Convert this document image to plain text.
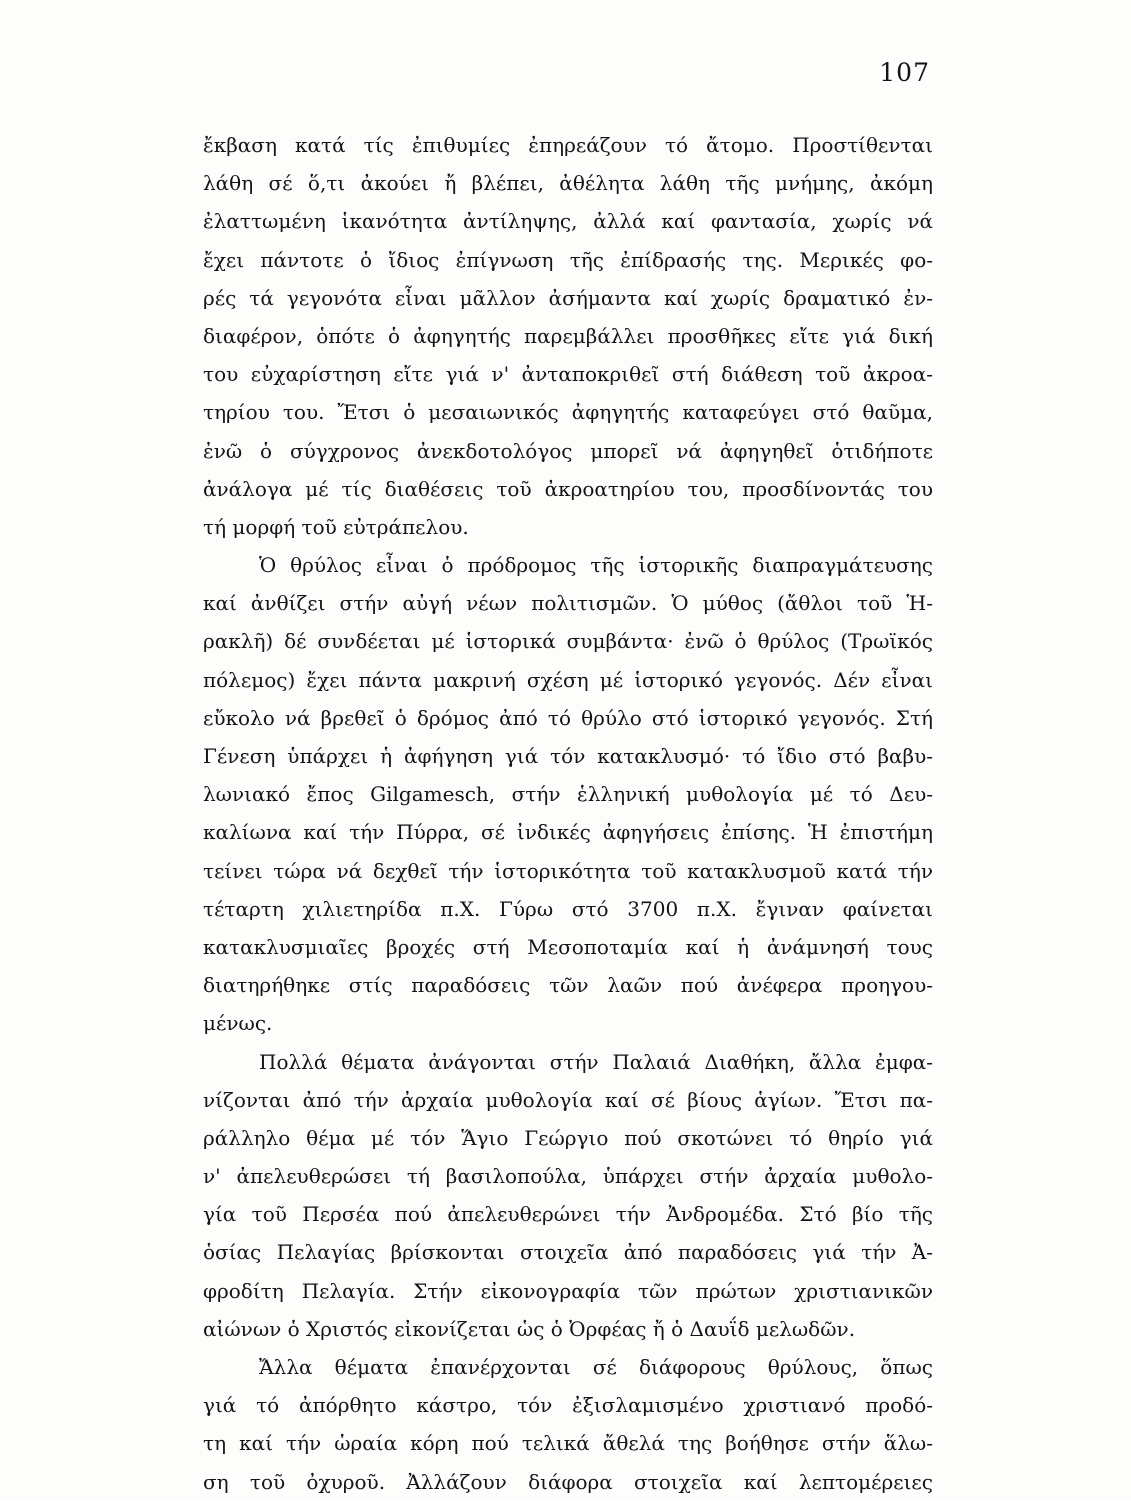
107
ἔκβαση κατά τίς ἐπιθυμίες ἐπηρεάζουν τό ἄτομο. Προστίθενται
λάθη σέ ὅ,τι ἀκούει ἤ βλέπει, ἀθέλητα λάθη τῆς μνήμης, ἀκόμη
ἐλαττωμένη ἱκανότητα ἀντίληψης, ἀλλά καί φαντασία, χωρίς νά
ἔχει πάντοτε ὁ ἴδιος ἐπίγνωση τῆς ἐπίδρασής της. Μερικές φο-
ρές τά γεγονότα εἶναι μᾶλλον ἀσήμαντα καί χωρίς δραματικό ἐν-
διαφέρον, ὁπότε ὁ ἀφηγητής παρεμβάλλει προσθῆκες εἴτε γιά δική
του εὐχαρίστηση εἴτε γιά ν' ἀνταποκριθεῖ στή διάθεση τοῦ ἀκροα-
τηρίου του. Ἔτσι ὁ μεσαιωνικός ἀφηγητής καταφεύγει στό θαῦμα,
ἐνῶ ὁ σύγχρονος ἀνεκδοτολόγος μπορεῖ νά ἀφηγηθεῖ ὁτιδήποτε
ἀνάλογα μέ τίς διαθέσεις τοῦ ἀκροατηρίου του, προσδίνοντάς του
τή μορφή τοῦ εὐτράπελου.
Ὁ θρύλος εἶναι ὁ πρόδρομος τῆς ἱστορικῆς διαπραγμάτευσης
καί ἀνθίζει στήν αὐγή νέων πολιτισμῶν. Ὁ μύθος (ἄθλοι τοῦ Ἡ-
ρακλῆ) δέ συνδέεται μέ ἱστορικά συμβάντα· ἐνῶ ὁ θρύλος (Τρωϊκός
πόλεμος) ἔχει πάντα μακρινή σχέση μέ ἱστορικό γεγονός. Δέν εἶναι
εὔκολο νά βρεθεῖ ὁ δρόμος ἀπό τό θρύλο στό ἱστορικό γεγονός. Στή
Γένεση ὑπάρχει ἡ ἀφήγηση γιά τόν κατακλυσμό· τό ἴδιο στό βαβυ-
λωνιακό ἔπος Gilgamesch, στήν ἑλληνική μυθολογία μέ τό Δευ-
καλίωνα καί τήν Πύρρα, σέ ἰνδικές ἀφηγήσεις ἐπίσης. Ἡ ἐπιστήμη
τείνει τώρα νά δεχθεῖ τήν ἱστορικότητα τοῦ κατακλυσμοῦ κατά τήν
τέταρτη χιλιετηρίδα π.Χ. Γύρω στό 3700 π.Χ. ἔγιναν φαίνεται
κατακλυσμιαῖες βροχές στή Μεσοποταμία καί ἡ ἀνάμνησή τους
διατηρήθηκε στίς παραδόσεις τῶν λαῶν πού ἀνέφερα προηγου-
μένως.
Πολλά θέματα ἀνάγονται στήν Παλαιά Διαθήκη, ἄλλα ἐμφα-
νίζονται ἀπό τήν ἀρχαία μυθολογία καί σέ βίους ἁγίων. Ἔτσι πα-
ράλληλο θέμα μέ τόν Ἅγιο Γεώργιο πού σκοτώνει τό θηρίο γιά
ν' ἀπελευθερώσει τή βασιλοπούλα, ὑπάρχει στήν ἀρχαία μυθολο-
γία τοῦ Περσέα πού ἀπελευθερώνει τήν Ἀνδρομέδα. Στό βίο τῆς
ὁσίας Πελαγίας βρίσκονται στοιχεῖα ἀπό παραδόσεις γιά τήν Ἀ-
φροδίτη Πελαγία. Στήν εἰκονογραφία τῶν πρώτων χριστιανικῶν
αἰώνων ὁ Χριστός εἰκονίζεται ὡς ὁ Ὀρφέας ἤ ὁ Δαυΐδ μελωδῶν.
Ἄλλα θέματα ἐπανέρχονται σέ διάφορους θρύλους, ὅπως
γιά τό ἀπόρθητο κάστρο, τόν ἐξισλαμισμένο χριστιανό προδό-
τη καί τήν ὡραία κόρη πού τελικά ἄθελά της βοήθησε στήν ἅλω-
ση τοῦ ὀχυροῦ. Ἀλλάζουν διάφορα στοιχεῖα καί λεπτομέρειες
